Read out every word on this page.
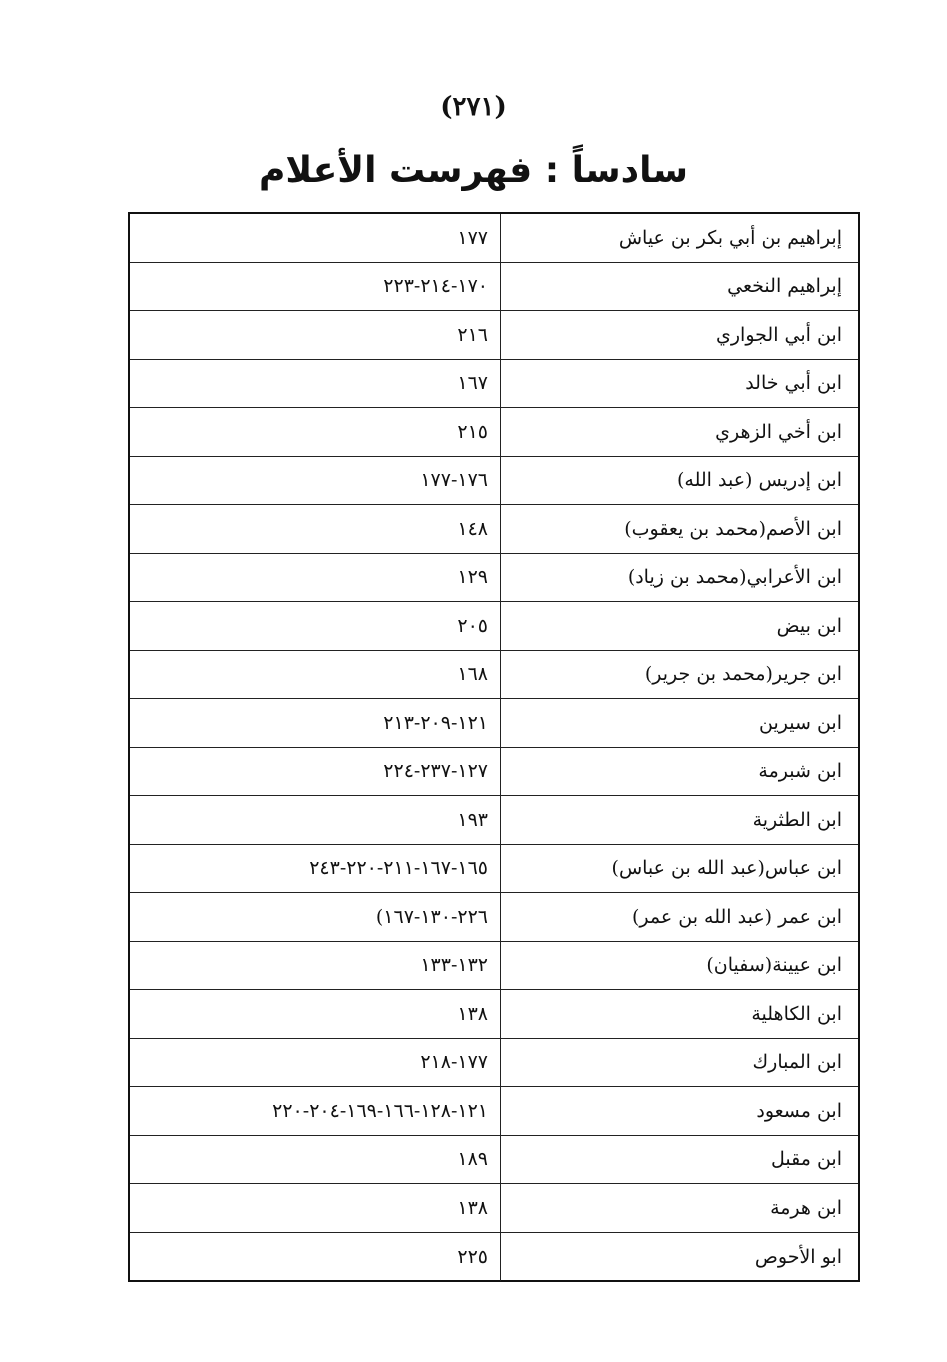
(٢٧١)
سادساً : فهرست الأعلام
إبراهيم بن أبي بكر بن عياش
١٧٧
إبراهيم النخعي
١٧٠-٢١٤-٢٢٣
ابن أبي الجواري
٢١٦
ابن أبي خالد
١٦٧
ابن أخي الزهري
٢١٥
ابن إدريس (عبد الله)
١٧٦-١٧٧
ابن الأصم(محمد بن يعقوب)
١٤٨
ابن الأعرابي(محمد بن زياد)
١٢٩
ابن بيض
٢٠٥
ابن جرير(محمد بن جرير)
١٦٨
ابن سيرين
١٢١-٢٠٩-٢١٣
ابن شبرمة
١٢٧-٢٣٧-٢٢٤
ابن الطثرية
١٩٣
ابن عباس(عبد الله بن عباس)
١٦٥-١٦٧-٢١١-٢٢٠-٢٤٣
ابن عمر (عبد الله بن عمر)
٢٢٦-١٣٠-١٦٧)
ابن عيينة(سفيان)
١٣٢-١٣٣
ابن الكاهلية
١٣٨
ابن المبارك
١٧٧-٢١٨
ابن مسعود
١٢١-١٢٨-١٦٦-١٦٩-٢٠٤-٢٢٠
ابن مقبل
١٨٩
ابن هرمة
١٣٨
ابو الأحوص
٢٢٥
